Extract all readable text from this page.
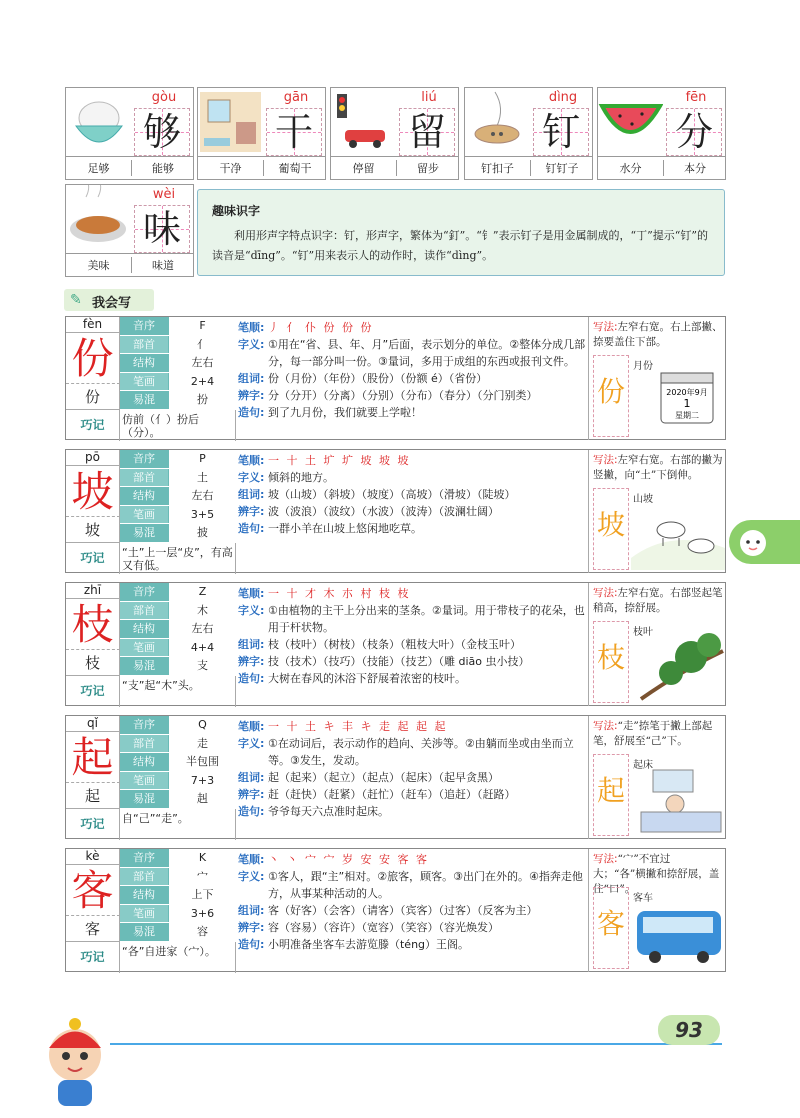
gòu
够
足够	能够
gān
干
干净	葡萄干
liú
留
停留	留步
dìng
钉
钉扣子	钉钉子
fēn
分
水分	本分
wèi
味
美味	味道
趣味识字
利用形声字特点识字：钉，形声字，繁体为“釘”。“钅”表示钉子是用金属制成的，“丁”提示“钉”的读音是“dīng”。“钉”用来表示人的动作时，读作“dìng”。
✎ 我会写
fèn
份
份
音序	F
部首	亻
结构	左右
笔画	2+4
易混	扮
巧记	仿前（亻）扮后（分）。
笔顺: 丿 亻 仆 份 份 份
字义: ①用在“省、县、年、月”后面，表示划分的单位。②整体分成几部分，每一部分叫一份。③量词，多用于成组的东西或报刊文件。
组词: 份（月份）（年份）（股份）（份额 é）（省份）
辨字: 分（分开）（分离）（分别）（分布）（春分）（分门别类）
造句: 到了九月份，我们就要上学啦！
写法:左窄右宽。右上部撇、捺要盖住下部。
份	2020年9月
1
星期二
月份
pō
坡
坡
音序	P
部首	土
结构	左右
笔画	3+5
易混	披
巧记	“土”上一层“皮”，有高又有低。
笔顺: 一 十 土 圹 圹 坡 坡 坡
字义: 倾斜的地方。
组词: 坡（山坡）（斜坡）（坡度）（高坡）（滑坡）（陡坡）
辨字: 波（波浪）（波纹）（水波）（波涛）（波澜壮阔）
造句: 一群小羊在山坡上悠闲地吃草。
写法:左窄右宽。右部的撇为竖撇，向“土”下倒伸。
坡
山坡
zhī
枝
枝
音序	Z
部首	木
结构	左右
笔画	4+4
易混	支
巧记	“支”起“木”头。
笔顺: 一 十 才 木 朩 村 枝 枝
字义: ①由植物的主干上分出来的茎条。②量词。用于带枝子的花朵，也用于杆状物。
组词: 枝（枝叶）（树枝）（枝条）（粗枝大叶）（金枝玉叶）
辨字: 技（技术）（技巧）（技能）（技艺）（雕 diāo 虫小技）
造句: 大树在春风的沐浴下舒展着浓密的枝叶。
写法:左窄右宽。右部竖起笔稍高，捺舒展。
枝
枝叶
qǐ
起
起
音序	Q
部首	走
结构	半包围
笔画	7+3
易混	赳
巧记	自“己”“走”。
笔顺: 一 十 土 キ 丰 キ 走 起 起 起
字义: ①在动词后，表示动作的趋向、关涉等。②由躺而坐或由坐而立等。③发生，发动。
组词: 起（起来）（起立）（起点）（起床）（起早贪黑）
辨字: 赶（赶快）（赶紧）（赶忙）（赶车）（追赶）（赶路）
造句: 爷爷每天六点准时起床。
写法:“走”捺笔于撇上部起笔，舒展至“己”下。
起
起床
kè
客
客
音序	K
部首	宀
结构	上下
笔画	3+6
易混	容
巧记	“各”自进家（宀）。
笔顺: 丶 丶 宀 宀 岁 安 安 客 客
字义: ①客人，跟“主”相对。②旅客，顾客。③出门在外的。④指奔走他方，从事某种活动的人。
组词: 客（好客）（会客）（请客）（宾客）（过客）（反客为主）
辨字: 容（容易）（容许）（宽容）（笑容）（容光焕发）
造句: 小明准备坐客车去游览滕（téng）王阁。
写法:“宀”不宜过大；“各”横撇和捺舒展，盖住“口”。
客
客车
93
